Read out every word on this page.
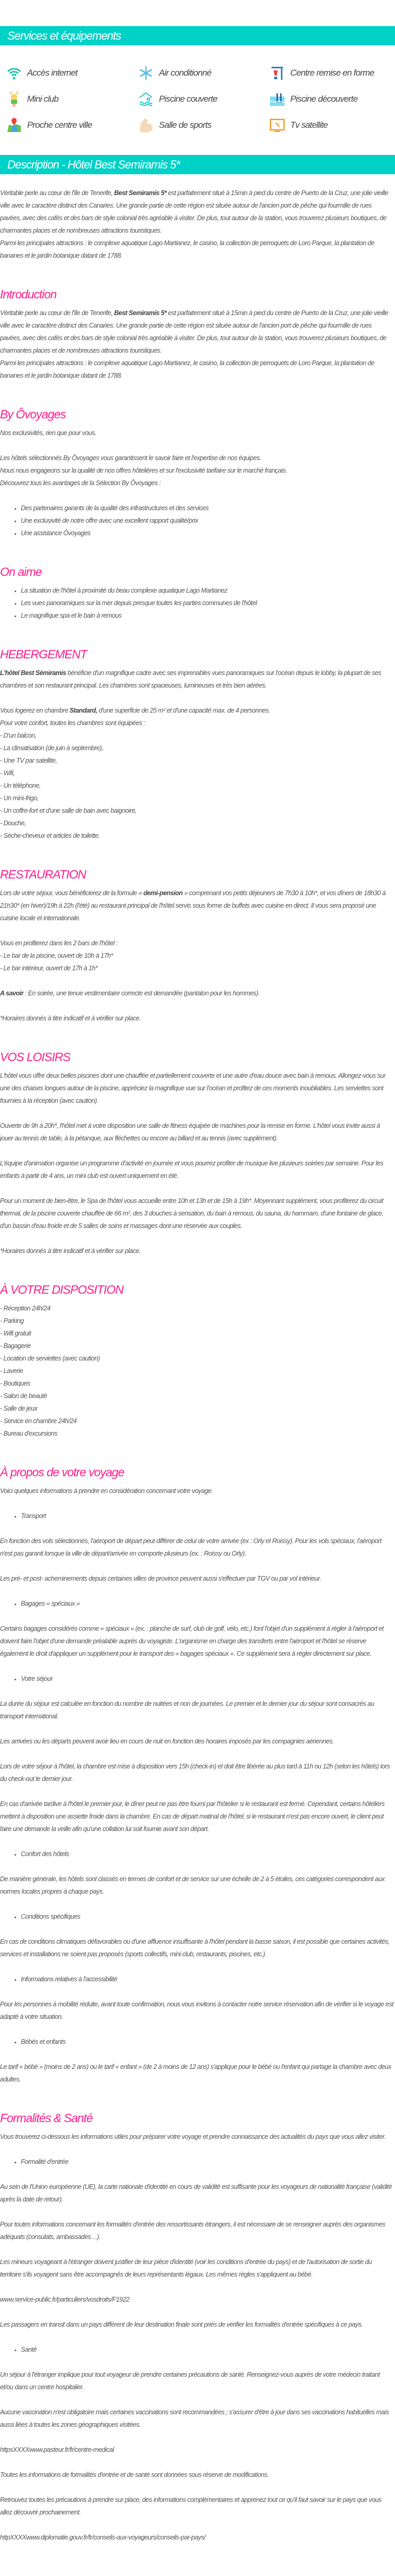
Services et équipements
Accès internet	Air conditionné	Centre remise en forme
Mini club	Piscine couverte	Piscine découverte
Proche centre ville	Salle de sports	Tv satellite
Description - Hôtel Best Semiramis 5*
Véritable perle au cœur de l'île de Tenerife, Best Semiramis 5* est parfaitement situé à 15min à pied du centre de Puerto de la Cruz, une jolie vieille ville avec le caractère distinct des Canaries. Une grande partie de cette région est située autour de l'ancien port de pêche qui fourmille de rues pavées, avec des cafés et des bars de style colonial très agréable à visiter. De plus, tout autour de la station, vous trouverez plusieurs boutiques, de charmantes places et de nombreuses attractions touristiques.
Parmi les principales attractions : le complexe aquatique Lago Martianez, le casino, la collection de perroquets de Loro Parque, la plantation de bananes et le jardin botanique datant de 1788.
Introduction
Véritable perle au cœur de l'île de Tenerife, Best Semiramis 5* est parfaitement situé à 15min à pied du centre de Puerto de la Cruz, une jolie vieille ville avec le caractère distinct des Canaries. Une grande partie de cette région est située autour de l'ancien port de pêche qui fourmille de rues pavées, avec des cafés et des bars de style colonial très agréable à visiter. De plus, tout autour de la station, vous trouverez plusieurs boutiques, de charmantes places et de nombreuses attractions touristiques.
Parmi les principales attractions : le complexe aquatique Lago Martianez, le casino, la collection de perroquets de Loro Parque, la plantation de bananes et le jardin botanique datant de 1788.
By Ôvoyages
Nos exclusivités, rien que pour vous.
Les hôtels sélectionnés By Ôvoyages vous garantissent le savoir faire et l'expertise de nos équipes.
Nous nous engageons sur la qualité de nos offres hôtelières et sur l'exclusivité tarifaire sur le marché français.
Découvrez tous les avantages de la Sélection By Ôvoyages :
• Des partenaires garants de la qualité des infrastructures et des services
• Une exclusivité de notre offre avec une excellent rapport qualité/prix
• Une assistance Ôvoyages
On aime
• La situation de l'hôtel à proximité du beau complexe aquatique Lago Martianez
• Les vues panoramiques sur la mer depuis presque toutes les parties communes de l'hôtel
• Le magnifique spa et le bain à remous
HEBERGEMENT
L'hôtel Best Sémiramis bénéficie d'un magnifique cadre avec ses imprenables vues panoramiques sur l'océan depuis le lobby, la plupart de ses chambres et son restaurant principal. Les chambres sont spacieuses, lumineuses et très bien aérées.
Vous logerez en chambre Standard, d'une superficie de 25 m² et d'une capacité max. de 4 personnes.
Pour votre confort, toutes les chambres sont équipées :
- D'un balcon,
- La climatisation (de juin à septembre),
- Une TV par satellite,
- Wifi,
- Un téléphone,
- Un mini-frigo,
- Un coffre-fort et d'une salle de bain avec baignoire,
- Douche,
- Sèche-cheveux et articles de toilette.
RESTAURATION
Lors de votre séjour, vous bénéficierez de la formule « demi-pension » comprenant vos petits déjeuners de 7h30 à 10h*, et vos dîners de 18h30 à 21h30* (en hiver)/19h à 22h (l'été) au restaurant principal de l'hôtel servis sous forme de buffets avec cuisine en direct. Il vous sera proposé une cuisine locale et internationale.
Vous en profiterez dans les 2 bars de l'hôtel :
- Le bar de la piscine, ouvert de 10h à 17h*
- Le bar intérieur, ouvert de 17h à 1h*
A savoir : En soirée, une tenue vestimentaire correcte est demandée (pantalon pour les hommes).
*Horaires donnés à titre indicatif et à vérifier sur place.
VOS LOISIRS
L'hôtel vous offre deux belles piscines dont une chauffée et partiellement couverte et une autre d'eau douce avec bain à remous. Allongez-vous sur une des chaises longues autour de la piscine, appréciez la magnifique vue sur l'océan et profitez de ces moments inoubliables. Les serviettes sont fournies à la réception (avec caution).
Ouverte de 9h à 20h*, l'hôtel met à votre disposition une salle de fitness équipée de machines pour la remise en forme. L'hôtel vous invite aussi à jouer au tennis de table, à la pétanque, aux fléchettes ou encore au billard et au tennis (avec supplément).
L'équipe d'animation organise un programme d'activité en journée et vous pourrez profiter de musique live plusieurs soirées par semaine. Pour les enfants à partir de 4 ans, un mini club est ouvert uniquement en été.
Pour un moment de bien-être, le Spa de l'hôtel vous accueille entre 10h et 13h et de 15h à 19h*. Moyennant supplément, vous profiterez du circuit thermal, de la piscine couverte chauffée de 66 m², des 3 douches à sensation, du bain à remous, du sauna, du hammam, d'une fontaine de glace, d'un bassin d'eau froide et de 5 salles de soins et massages dont une réservée aux couples.
*Horaires donnés à titre indicatif et à vérifier sur place.
À VOTRE DISPOSITION
- Réception 24h/24
- Parking
- Wifi gratuit
- Bagagerie
- Location de serviettes (avec caution)
- Laverie
- Boutiques
- Salon de beauté
- Salle de jeux
- Service en chambre 24h/24
- Bureau d'excursions
À propos de votre voyage
Voici quelques informations à prendre en considération concernant votre voyage.
• Transport
En fonction des vols sélectionnés, l'aéroport de départ peut différer de celui de votre arrivée (ex : Orly et Roissy). Pour les vols spéciaux, l'aéroport n'est pas garanti lorsque la ville de départ/arrivée en comporte plusieurs (ex. : Roissy ou Orly).
Les pré- et post- acheminements depuis certaines villes de province peuvent aussi s'effectuer par TGV ou par vol intérieur.
• Bagages « spéciaux »
Certains bagages considérés comme « spéciaux » (ex. : planche de surf, club de golf, vélo, etc.) font l'objet d'un supplément à régler à l'aéroport et doivent faire l'objet d'une demande préalable auprès du voyagiste. L'organisme en charge des transferts entre l'aéroport et l'hôtel se réserve également le droit d'appliquer un supplément pour le transport des « bagages spéciaux ». Ce supplément sera à régler directement sur place.
• Votre séjour
La durée du séjour est calculée en fonction du nombre de nuitées et non de journées. Le premier et le dernier jour du séjour sont consacrés au transport international.
Les arrivées ou les départs peuvent avoir lieu en cours de nuit en fonction des horaires imposés par les compagnies aériennes.
Lors de votre séjour à l'hôtel, la chambre est mise à disposition vers 15h (check-in) et doit être libérée au plus tard à 11h ou 12h (selon les hôtels) lors du check-out le dernier jour.
En cas d'arrivée tardive à l'hôtel le premier jour, le dîner peut ne pas être fourni par l'hôtelier si le restaurant est fermé. Cependant, certains hôteliers mettent à disposition une assiette froide dans la chambre. En cas de départ matinal de l'hôtel, si le restaurant n'est pas encore ouvert, le client peut faire une demande la veille afin qu'une collation lui soit fournie avant son départ.
• Confort des hôtels
De manière générale, les hôtels sont classés en termes de confort et de service sur une échelle de 2 à 5 étoiles, ces catégories correspondent aux normes locales propres à chaque pays.
• Conditions spécifiques
En cas de conditions climatiques défavorables ou d'une affluence insuffisante à l'hôtel pendant la basse saison, il est possible que certaines activités, services et installations ne soient pas proposés (sports collectifs, mini club, restaurants, piscines, etc.).
• Informations relatives à l'accessibilité
Pour les personnes à mobilité réduite, avant toute confirmation, nous vous invitons à contacter notre service réservation afin de vérifier si le voyage est adapté à votre situation.
• Bébés et enfants
Le tarif « bébé » (moins de 2 ans) ou le tarif « enfant » (de 2 à moins de 12 ans) s'applique pour le bébé ou l'enfant qui partage la chambre avec deux adultes.
Formalités & Santé
Vous trouverez ci-dessous les informations utiles pour préparer votre voyage et prendre connaissance des actualités du pays que vous allez visiter.
• Formalité d'entrée
Au sein de l'Union européenne (UE), la carte nationale d'identité en cours de validité est suffisante pour les voyageurs de nationalité française (validité après la date de retour).
Pour toutes informations concernant les formalités d'entrée des ressortissants étrangers, il est nécessaire de se renseigner auprès des organismes adéquats (consulats, ambassades…).
Les mineurs voyageant à l'étranger doivent justifier de leur pièce d'identité (voir les conditions d'entrée du pays) et de l'autorisation de sortie du territoire s'ils voyagent sans être accompagnés de leurs représentants légaux. Les mêmes règles s'appliquent au bébé.
www.service-public.fr/particuliers/vosdroits/F1922
Les passagers en transit dans un pays différent de leur destination finale sont priés de vérifier les formalités d'entrée spécifiques à ce pays.
• Santé
Un séjour à l'étranger implique pour tout voyageur de prendre certaines précautions de santé. Renseignez-vous auprès de votre médecin traitant et/ou dans un centre hospitalier.
Aucune vaccination n'est obligatoire mais certaines vaccinations sont recommandées ; s'assurer d'être à jour dans ses vaccinations habituelles mais aussi liées à toutes les zones géographiques visitées.
httpsXXXXwww.pasteur.fr/fr/centre-medical
Toutes les informations de formalités d'entrée et de santé sont données sous réserve de modifications.
Retrouvez toutes les précautions à prendre sur place, des informations complémentaires et apprenez tout ce qu'il faut savoir sur le pays que vous allez découvrir prochainement.
httpXXXXwww.diplomatie.gouv.fr/fr/conseils-aux-voyageurs/conseils-par-pays/
